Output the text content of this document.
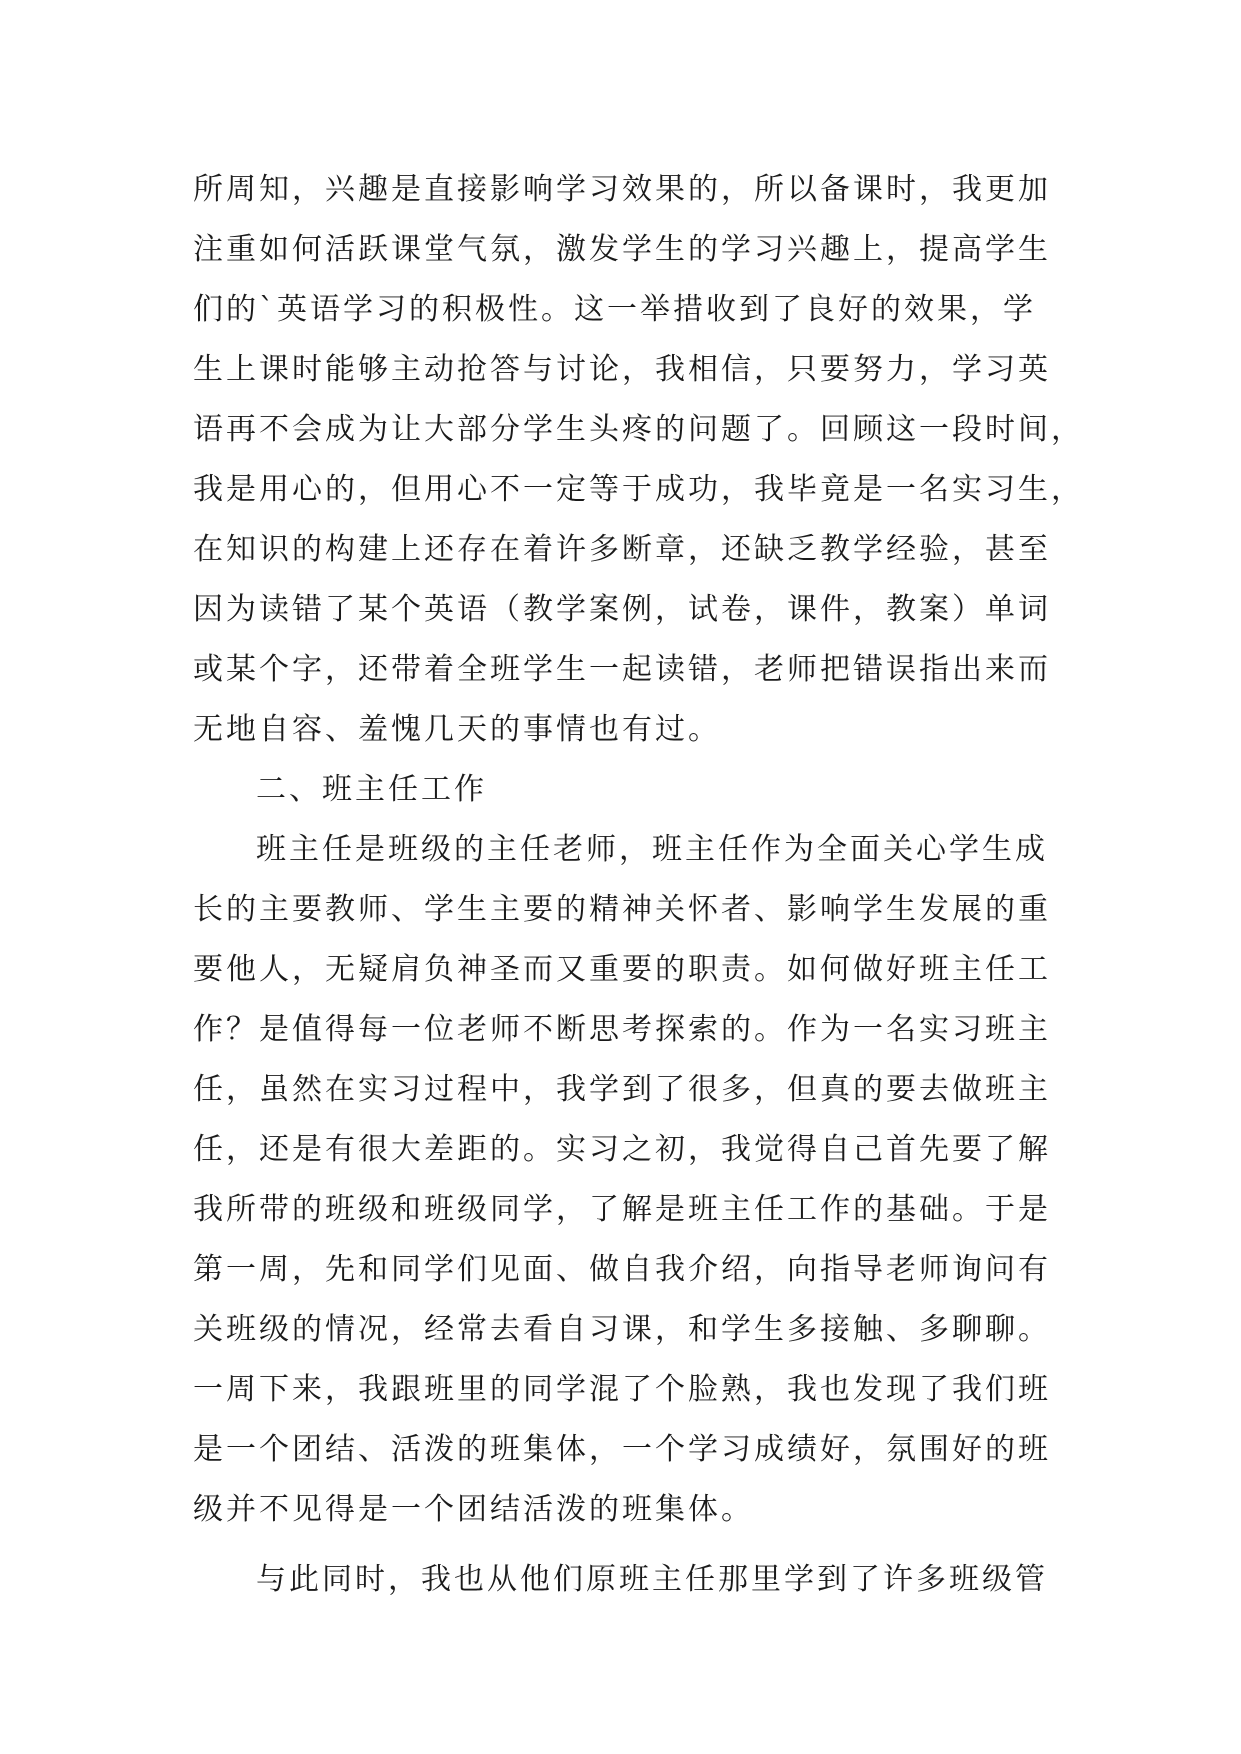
所周知，兴趣是直接影响学习效果的，所以备课时，我更加
注重如何活跃课堂气氛，激发学生的学习兴趣上，提高学生
们的`英语学习的积极性。这一举措收到了良好的效果，学
生上课时能够主动抢答与讨论，我相信，只要努力，学习英
语再不会成为让大部分学生头疼的问题了。回顾这一段时间，
我是用心的，但用心不一定等于成功，我毕竟是一名实习生，
在知识的构建上还存在着许多断章，还缺乏教学经验，甚至
因为读错了某个英语（教学案例，试卷，课件，教案）单词
或某个字，还带着全班学生一起读错，老师把错误指出来而
无地自容、羞愧几天的事情也有过。
二、班主任工作
班主任是班级的主任老师，班主任作为全面关心学生成
长的主要教师、学生主要的精神关怀者、影响学生发展的重
要他人，无疑肩负神圣而又重要的职责。如何做好班主任工
作？是值得每一位老师不断思考探索的。作为一名实习班主
任，虽然在实习过程中，我学到了很多，但真的要去做班主
任，还是有很大差距的。实习之初，我觉得自己首先要了解
我所带的班级和班级同学，了解是班主任工作的基础。于是
第一周，先和同学们见面、做自我介绍，向指导老师询问有
关班级的情况，经常去看自习课，和学生多接触、多聊聊。
一周下来，我跟班里的同学混了个脸熟，我也发现了我们班
是一个团结、活泼的班集体，一个学习成绩好，氛围好的班
级并不见得是一个团结活泼的班集体。
与此同时，我也从他们原班主任那里学到了许多班级管
